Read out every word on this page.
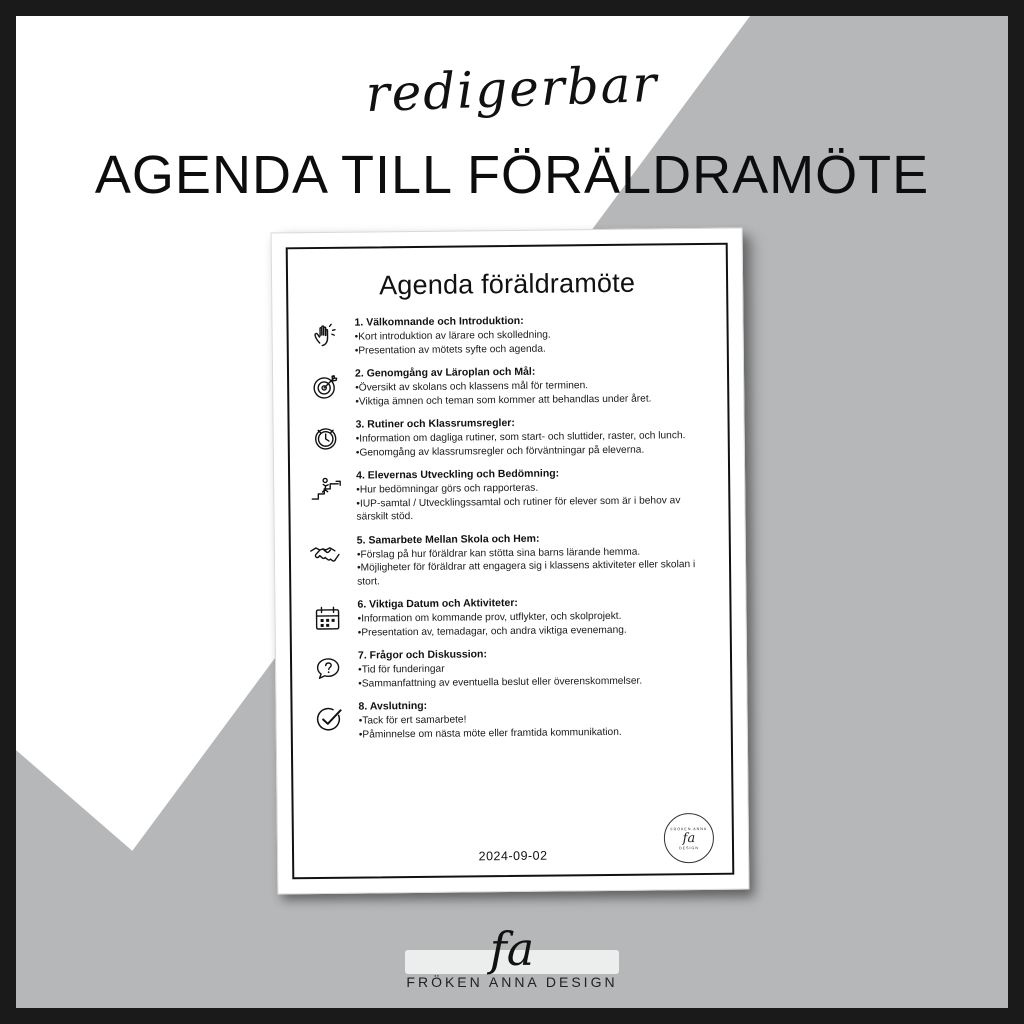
redigerbar
AGENDA TILL FÖRÄLDRAMÖTE
Agenda föräldramöte
1. Välkomnande och Introduktion:
•Kort introduktion av lärare och skolledning.
•Presentation av mötets syfte och agenda.
2. Genomgång av Läroplan och Mål:
•Översikt av skolans och klassens mål för terminen.
•Viktiga ämnen och teman som kommer att behandlas under året.
3. Rutiner och Klassrumsregler:
•Information om dagliga rutiner, som start- och sluttider, raster, och lunch.
•Genomgång av klassrumsregler och förväntningar på eleverna.
4. Elevernas Utveckling och Bedömning:
•Hur bedömningar görs och rapporteras.
•IUP-samtal / Utvecklingssamtal och rutiner för elever som är i behov av särskilt stöd.
5. Samarbete Mellan Skola och Hem:
•Förslag på hur föräldrar kan stötta sina barns lärande hemma.
•Möjligheter för föräldrar att engagera sig i klassens aktiviteter eller skolan i stort.
6. Viktiga Datum och Aktiviteter:
•Information om kommande prov, utflykter, och skolprojekt.
•Presentation av, temadagar, och andra viktiga evenemang.
7. Frågor och Diskussion:
•Tid för funderingar
•Sammanfattning av eventuella beslut eller överenskommelser.
8. Avslutning:
•Tack för ert samarbete!
•Påminnelse om nästa möte eller framtida kommunikation.
2024-09-02
FRÖKEN ANNA
fa
DESIGN
fa
FRÖKEN ANNA DESIGN
